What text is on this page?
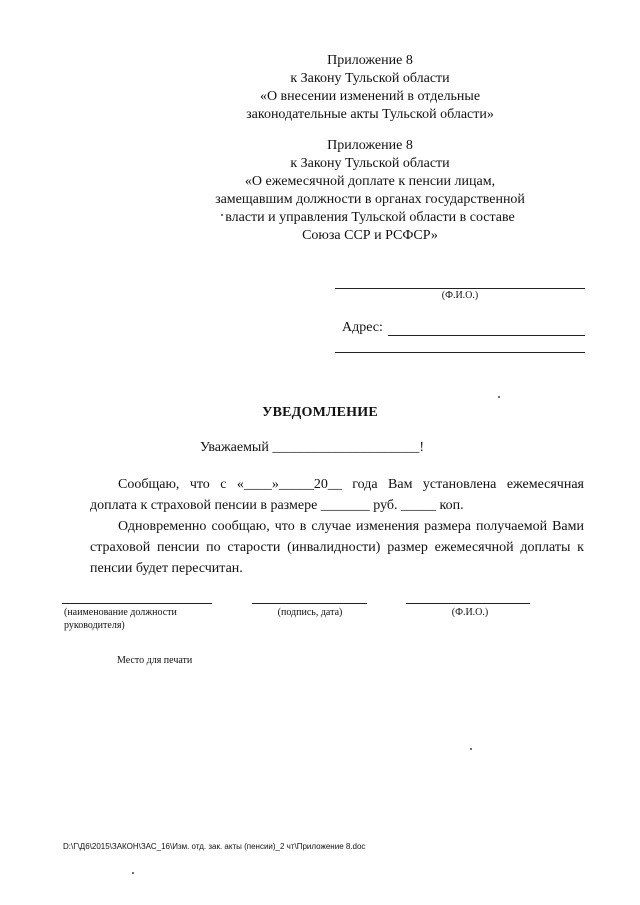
Приложение 8
к Закону Тульской области
«О внесении изменений в отдельные
законодательные акты Тульской области»
Приложение 8
к Закону Тульской области
«О ежемесячной доплате к пенсии лицам,
замещавшим должности в органах государственной
власти и управления Тульской области в составе
Союза ССР и РСФСР»
(Ф.И.О.)
Адрес:
УВЕДОМЛЕНИЕ
Уважаемый _____________________!
Сообщаю, что с «____»_____20__ года Вам установлена ежемесячная доплата к страховой пенсии в размере _______ руб. _____ коп.
Одновременно сообщаю, что в случае изменения размера получаемой Вами страховой пенсии по старости (инвалидности) размер ежемесячной доплаты к пенсии будет пересчитан.
(наименование должности руководителя)
(подпись, дата)	(Ф.И.О.)
Место для печати
D:\Г\Д6\2015\ЗАКОН\ЗАС_16\Изм. отд. зак. акты (пенсии)_2 чт\Приложение 8.doc
